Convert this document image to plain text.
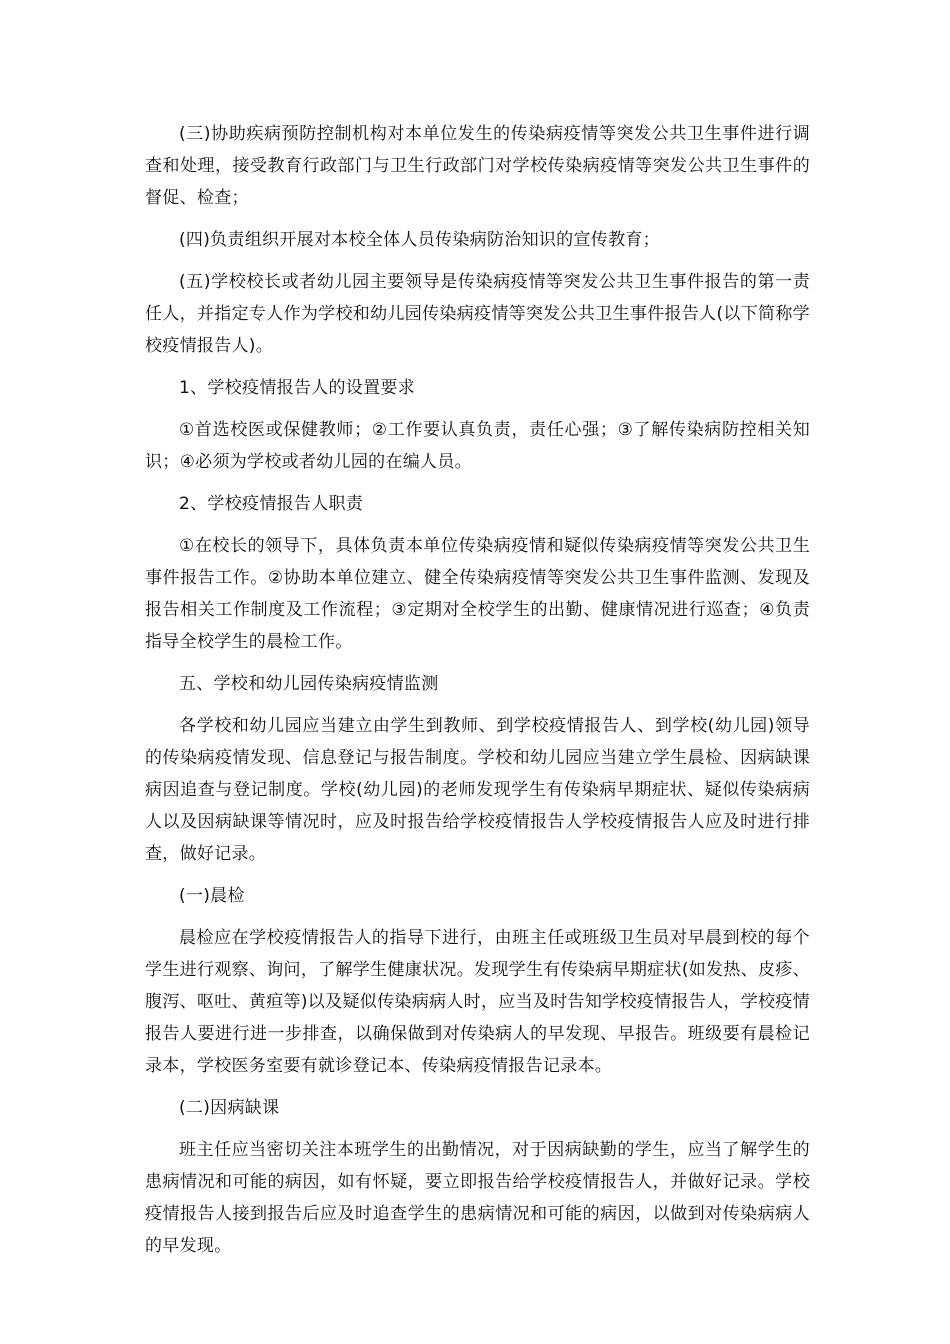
(三)协助疾病预防控制机构对本单位发生的传染病疫情等突发公共卫生事件进行调查和处理，接受教育行政部门与卫生行政部门对学校传染病疫情等突发公共卫生事件的督促、检查；

(四)负责组织开展对本校全体人员传染病防治知识的宣传教育；

(五)学校校长或者幼儿园主要领导是传染病疫情等突发公共卫生事件报告的第一责任人，并指定专人作为学校和幼儿园传染病疫情等突发公共卫生事件报告人(以下简称学校疫情报告人)。

1、学校疫情报告人的设置要求

①首选校医或保健教师；②工作要认真负责，责任心强；③了解传染病防控相关知识；④必须为学校或者幼儿园的在编人员。

2、学校疫情报告人职责

①在校长的领导下，具体负责本单位传染病疫情和疑似传染病疫情等突发公共卫生事件报告工作。②协助本单位建立、健全传染病疫情等突发公共卫生事件监测、发现及报告相关工作制度及工作流程；③定期对全校学生的出勤、健康情况进行巡查；④负责指导全校学生的晨检工作。

五、学校和幼儿园传染病疫情监测

各学校和幼儿园应当建立由学生到教师、到学校疫情报告人、到学校(幼儿园)领导的传染病疫情发现、信息登记与报告制度。学校和幼儿园应当建立学生晨检、因病缺课病因追查与登记制度。学校(幼儿园)的老师发现学生有传染病早期症状、疑似传染病病人以及因病缺课等情况时，应及时报告给学校疫情报告人学校疫情报告人应及时进行排查，做好记录。

(一)晨检

晨检应在学校疫情报告人的指导下进行，由班主任或班级卫生员对早晨到校的每个学生进行观察、询问，了解学生健康状况。发现学生有传染病早期症状(如发热、皮疹、腹泻、呕吐、黄疸等)以及疑似传染病病人时，应当及时告知学校疫情报告人，学校疫情报告人要进行进一步排查，以确保做到对传染病人的早发现、早报告。班级要有晨检记录本，学校医务室要有就诊登记本、传染病疫情报告记录本。

(二)因病缺课

班主任应当密切关注本班学生的出勤情况，对于因病缺勤的学生，应当了解学生的患病情况和可能的病因，如有怀疑，要立即报告给学校疫情报告人，并做好记录。学校疫情报告人接到报告后应及时追查学生的患病情况和可能的病因，以做到对传染病病人的早发现。
